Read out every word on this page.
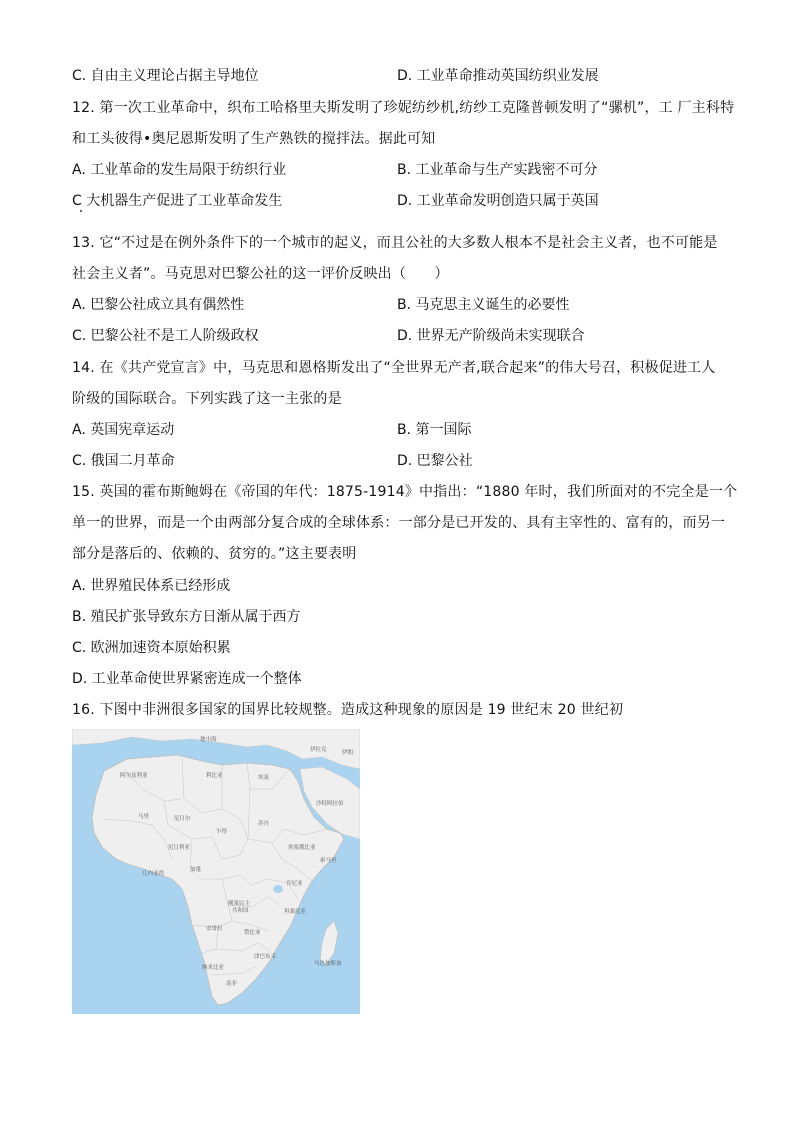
C. 自由主义理论占据主导地位	D. 工业革命推动英国纺织业发展
12. 第一次工业革命中，织布工哈格里夫斯发明了珍妮纺纱机,纺纱工克隆普顿发明了“骡机”，工 厂主科特
和工头彼得•奥尼恩斯发明了生产熟铁的搅拌法。据此可知
A. 工业革命的发生局限于纺织行业	B. 工业革命与生产实践密不可分
C 大机器生产促进了工业革命发生	D. 工业革命发明创造只属于英国
13. 它“不过是在例外条件下的一个城市的起义，而且公社的大多数人根本不是社会主义者，也不可能是
社会主义者”。马克思对巴黎公社的这一评价反映出（　　）
A. 巴黎公社成立具有偶然性	B. 马克思主义诞生的必要性
C. 巴黎公社不是工人阶级政权	D. 世界无产阶级尚未实现联合
14. 在《共产党宣言》中，马克思和恩格斯发出了“全世界无产者,联合起来”的伟大号召，积极促进工人
阶级的国际联合。下列实践了这一主张的是
A. 英国宪章运动	B. 第一国际
C. 俄国二月革命	D. 巴黎公社
15. 英国的霍布斯鲍姆在《帝国的年代：1875-1914》中指出：“1880 年时，我们所面对的不完全是一个
单一的世界，而是一个由两部分复合成的全球体系：一部分是已开发的、具有主宰性的、富有的，而另一
部分是落后的、依赖的、贫穷的。”这主要表明
A. 世界殖民体系已经形成
B. 殖民扩张导致东方日渐从属于西方
C. 欧洲加速资本原始积累
D. 工业革命使世界紧密连成一个整体
16. 下图中非洲很多国家的国界比较规整。造成这种现象的原因是 19 世纪末 20 世纪初
地中海
伊拉克	伊朗
阿尔及利亚	利比亚	埃及
沙特阿拉伯
马里	尼日尔
乍得
苏丹
尼日利亚	埃塞俄比亚
索马里
几内亚湾
加蓬
刚果民主
共和国
肯尼亚
坦桑尼亚
安哥拉
赞比亚
津巴布韦
马达加斯加
纳米比亚
南非
